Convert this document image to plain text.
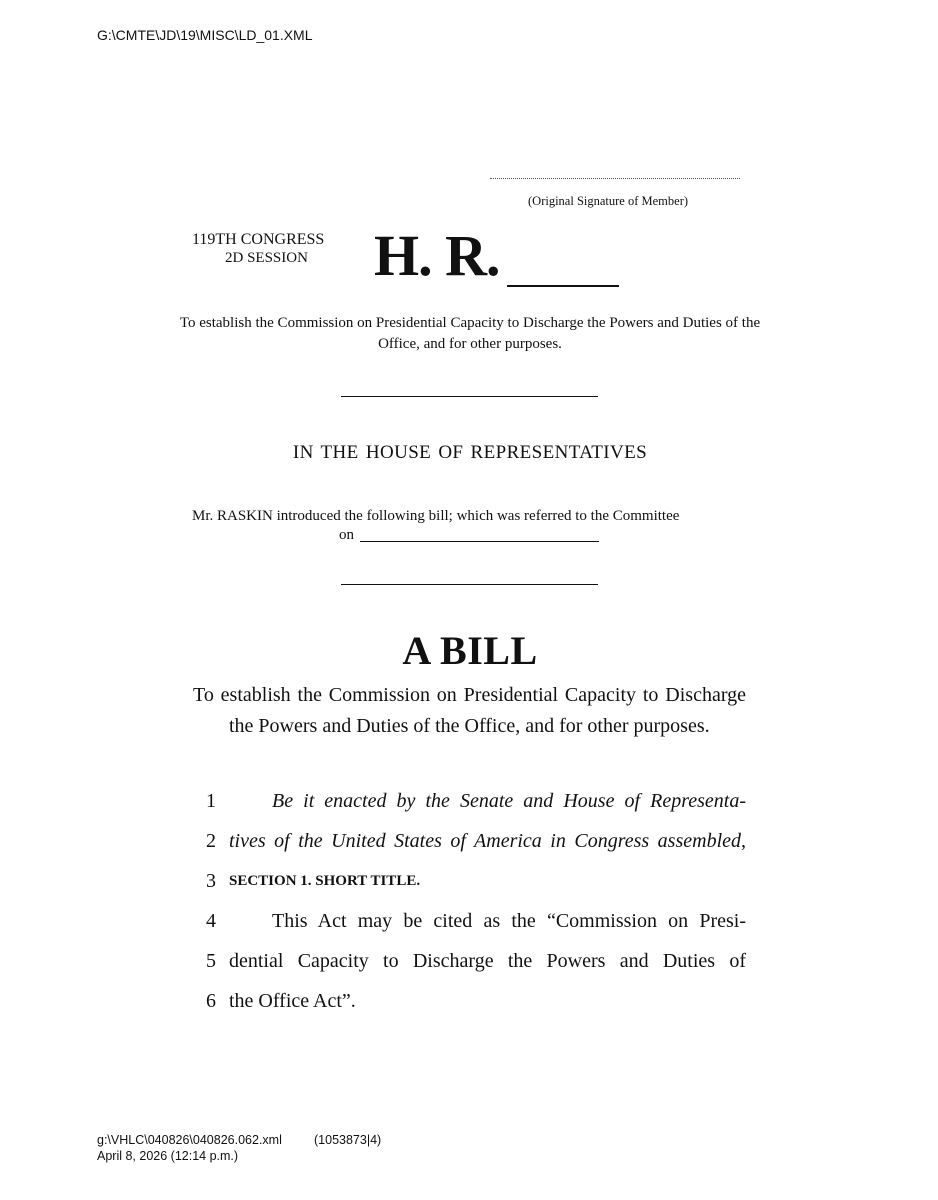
G:\CMTE\JD\19\MISC\LD_01.XML
(Original Signature of Member)
119TH CONGRESS
2D SESSION H. R.
To establish the Commission on Presidential Capacity to Discharge the Powers and Duties of the Office, and for other purposes.
IN THE HOUSE OF REPRESENTATIVES
Mr. RASKIN introduced the following bill; which was referred to the Committee
on
A BILL
To establish the Commission on Presidential Capacity to Discharge the Powers and Duties of the Office, and for other purposes.
1	Be it enacted by the Senate and House of Representa-
2 tives of the United States of America in Congress assembled,
3 SECTION 1. SHORT TITLE.
4	This Act may be cited as the “Commission on Presi-
5 dential Capacity to Discharge the Powers and Duties of
6 the Office Act”.
g:\VHLC\040826\040826.062.xml	(1053873|4)
April 8, 2026 (12:14 p.m.)
